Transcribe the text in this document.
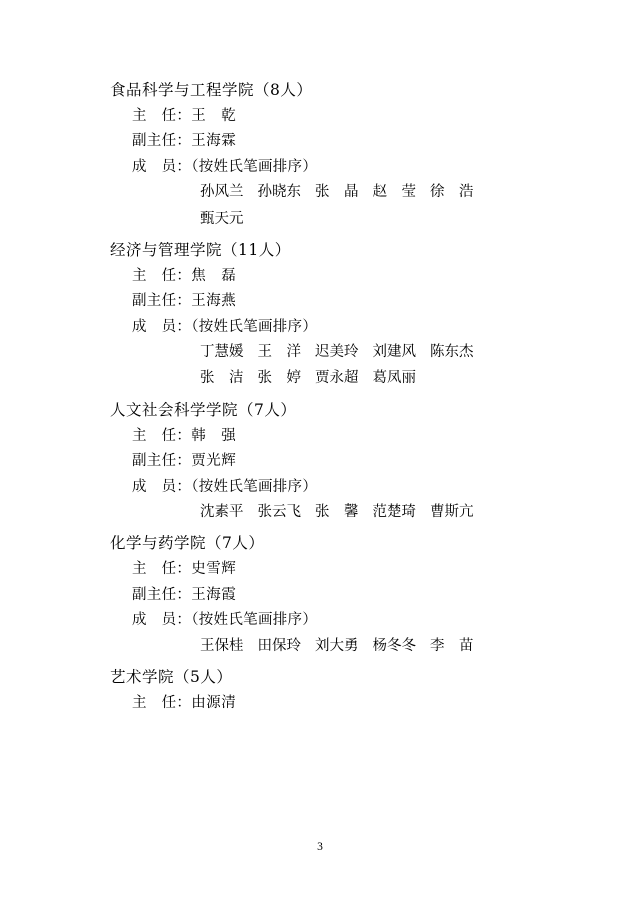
食品科学与工程学院（8人）
主　任：王　乾
副主任：王海霖
成　员：（按姓氏笔画排序）
孙风兰 孙晓东 张　晶 赵　莹 徐　浩
甄天元
经济与管理学院（11人）
主　任：焦　磊
副主任：王海燕
成　员：（按姓氏笔画排序）
丁慧媛 王　洋 迟美玲 刘建风 陈东杰
张　洁 张　婷 贾永超 葛凤丽
人文社会科学学院（7人）
主　任：韩　强
副主任：贾光辉
成　员：（按姓氏笔画排序）
沈素平 张云飞 张　馨 范楚琦 曹斯亢
化学与药学院（7人）
主　任：史雪辉
副主任：王海霞
成　员：（按姓氏笔画排序）
王保桂 田保玲 刘大勇 杨冬冬 李　苗
艺术学院（5人）
主　任：由源清
3
